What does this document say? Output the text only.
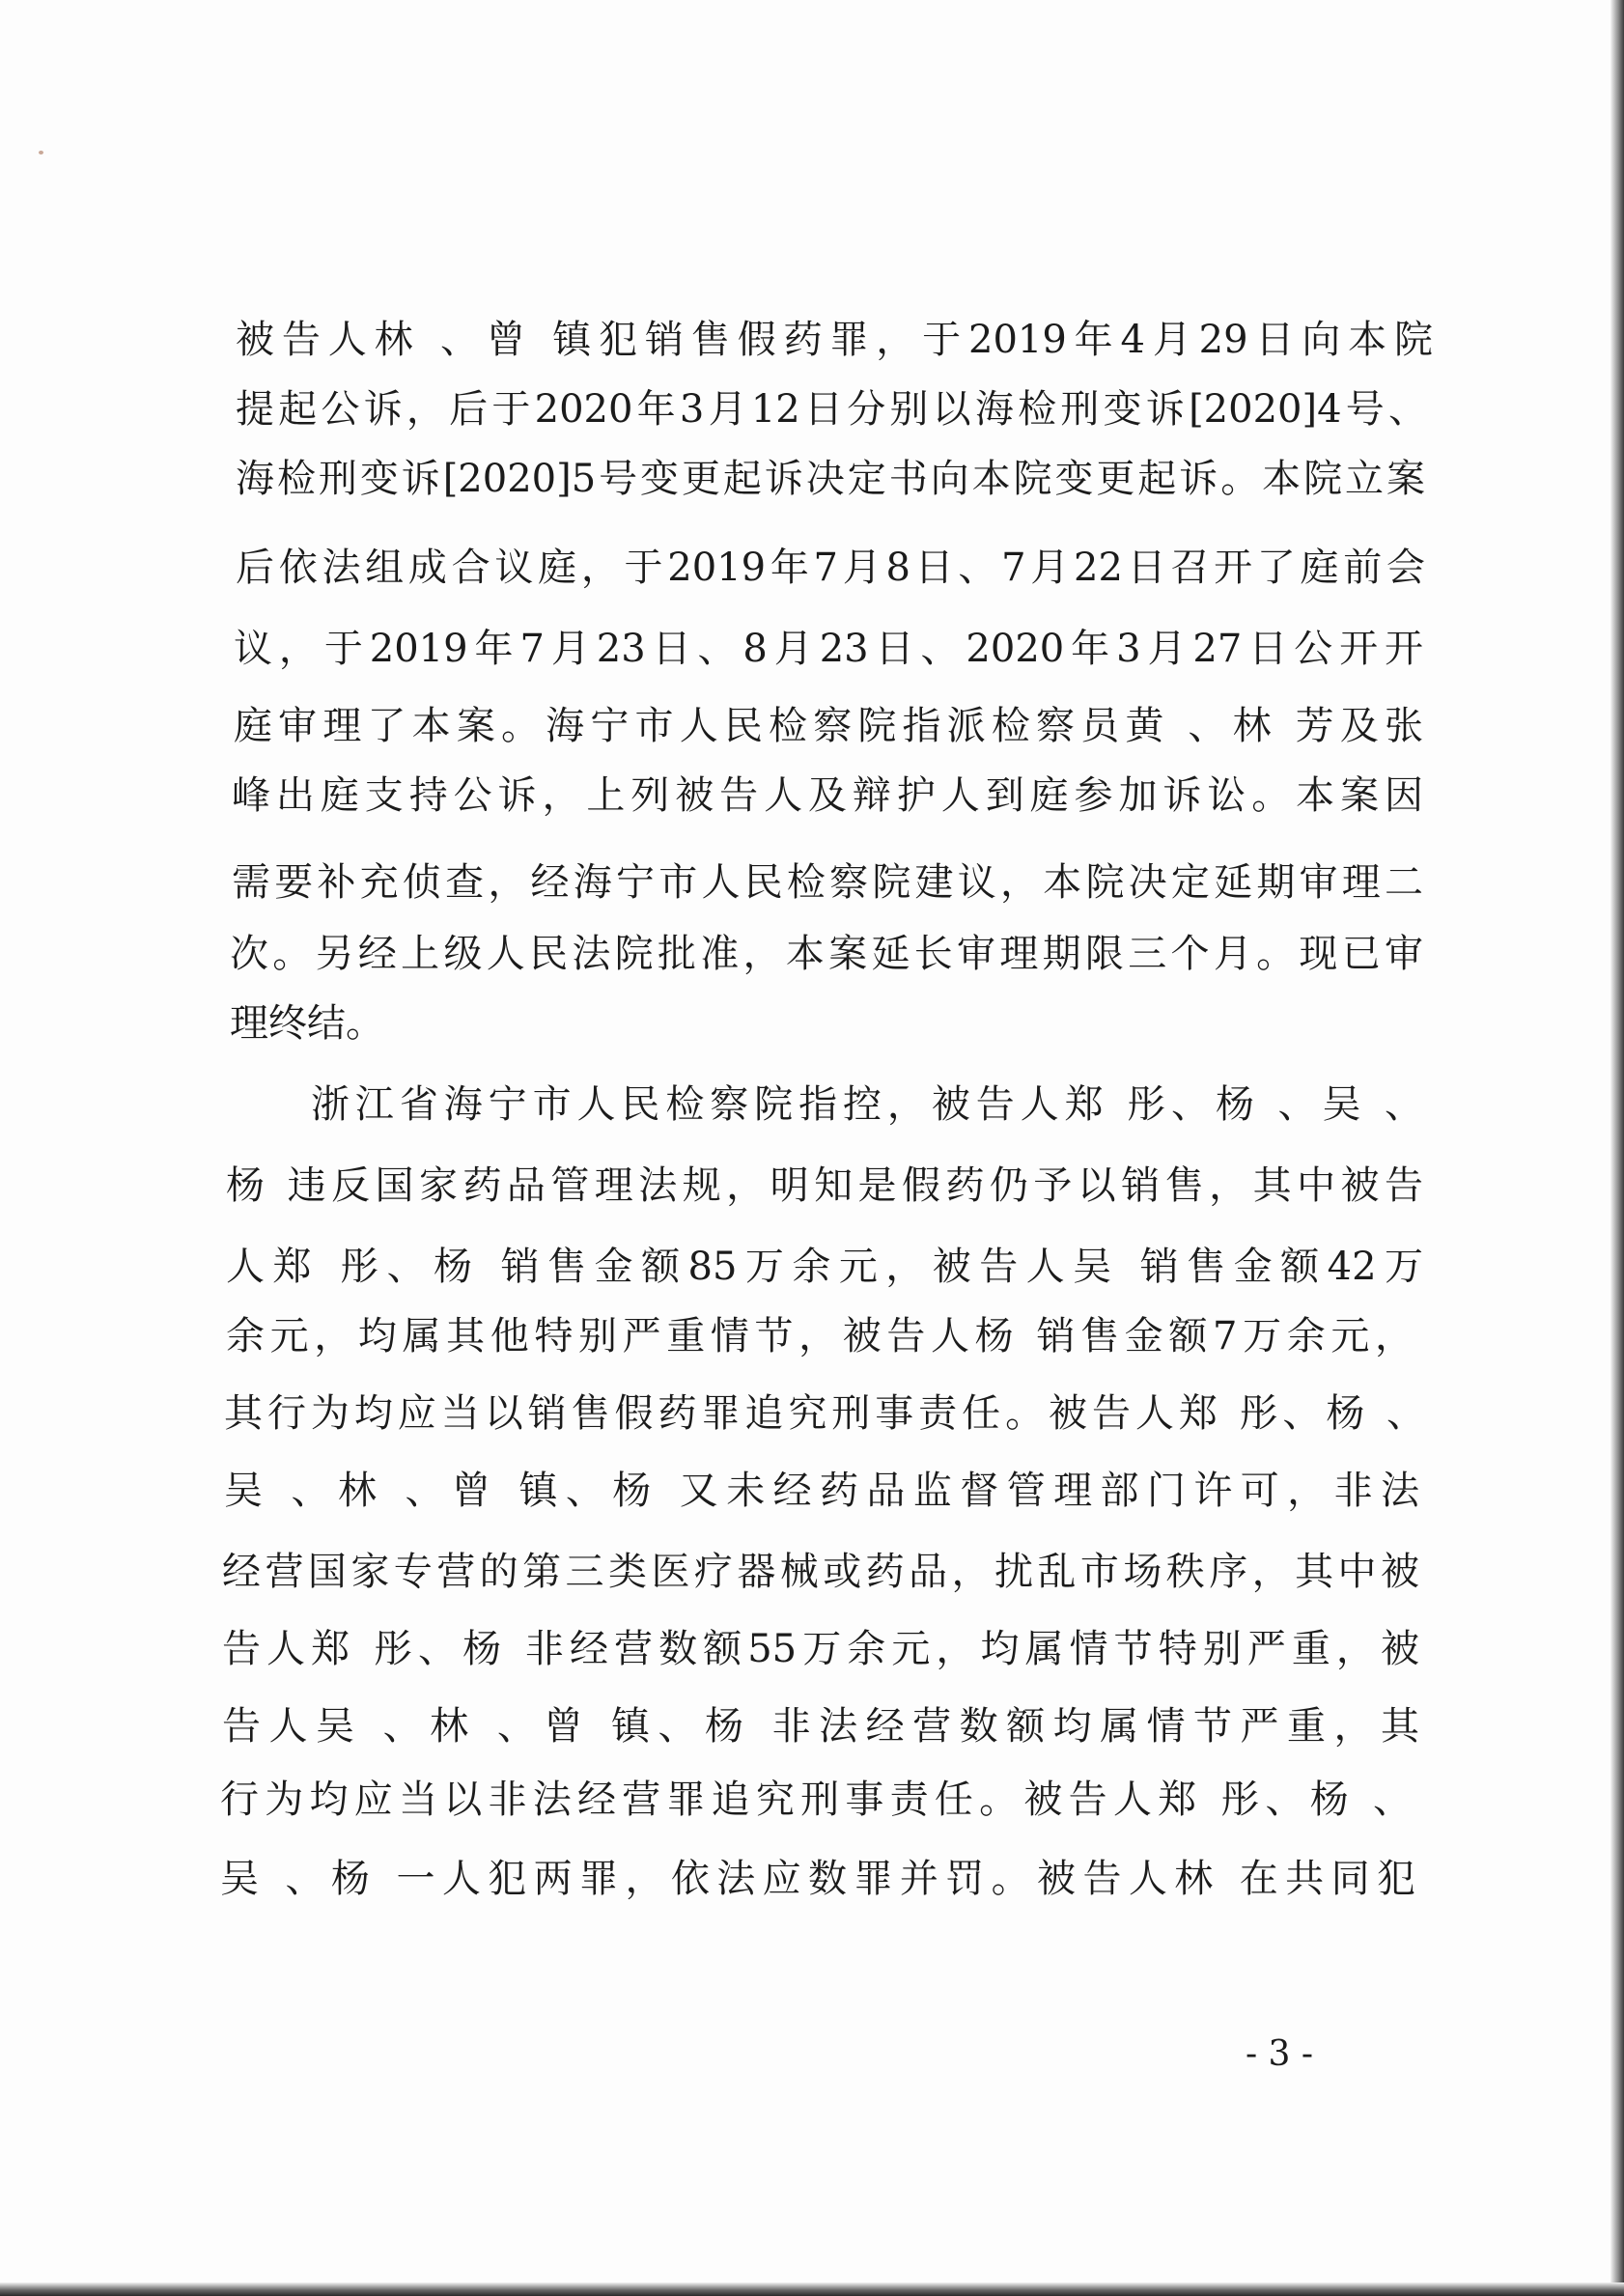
被告人林 、曾 镇犯销售假药罪，于2019年4月29日向本院
提起公诉，后于2020年3月12日分别以海检刑变诉[2020]4号、
海检刑变诉[2020]5号变更起诉决定书向本院变更起诉。本院立案
后依法组成合议庭，于2019年7月8日、7月22日召开了庭前会
议，于2019年7月23日、8月23日、2020年3月27日公开开
庭审理了本案。海宁市人民检察院指派检察员黄 、林 芳及张
峰出庭支持公诉，上列被告人及辩护人到庭参加诉讼。本案因
需要补充侦查，经海宁市人民检察院建议，本院决定延期审理二
次。另经上级人民法院批准，本案延长审理期限三个月。现已审
理终结。
浙江省海宁市人民检察院指控，被告人郑 彤、杨 、吴 、
杨 违反国家药品管理法规，明知是假药仍予以销售，其中被告
人郑 彤、杨 销售金额85万余元，被告人吴 销售金额42万
余元，均属其他特别严重情节，被告人杨 销售金额7万余元，
其行为均应当以销售假药罪追究刑事责任。被告人郑 彤、杨 、
吴 、林 、曾 镇、杨 又未经药品监督管理部门许可，非法
经营国家专营的第三类医疗器械或药品，扰乱市场秩序，其中被
告人郑 彤、杨 非经营数额55万余元，均属情节特别严重，被
告人吴 、林 、曾 镇、杨 非法经营数额均属情节严重，其
行为均应当以非法经营罪追究刑事责任。被告人郑 彤、杨 、
吴 、杨 一人犯两罪，依法应数罪并罚。被告人林 在共同犯
- 3 -
